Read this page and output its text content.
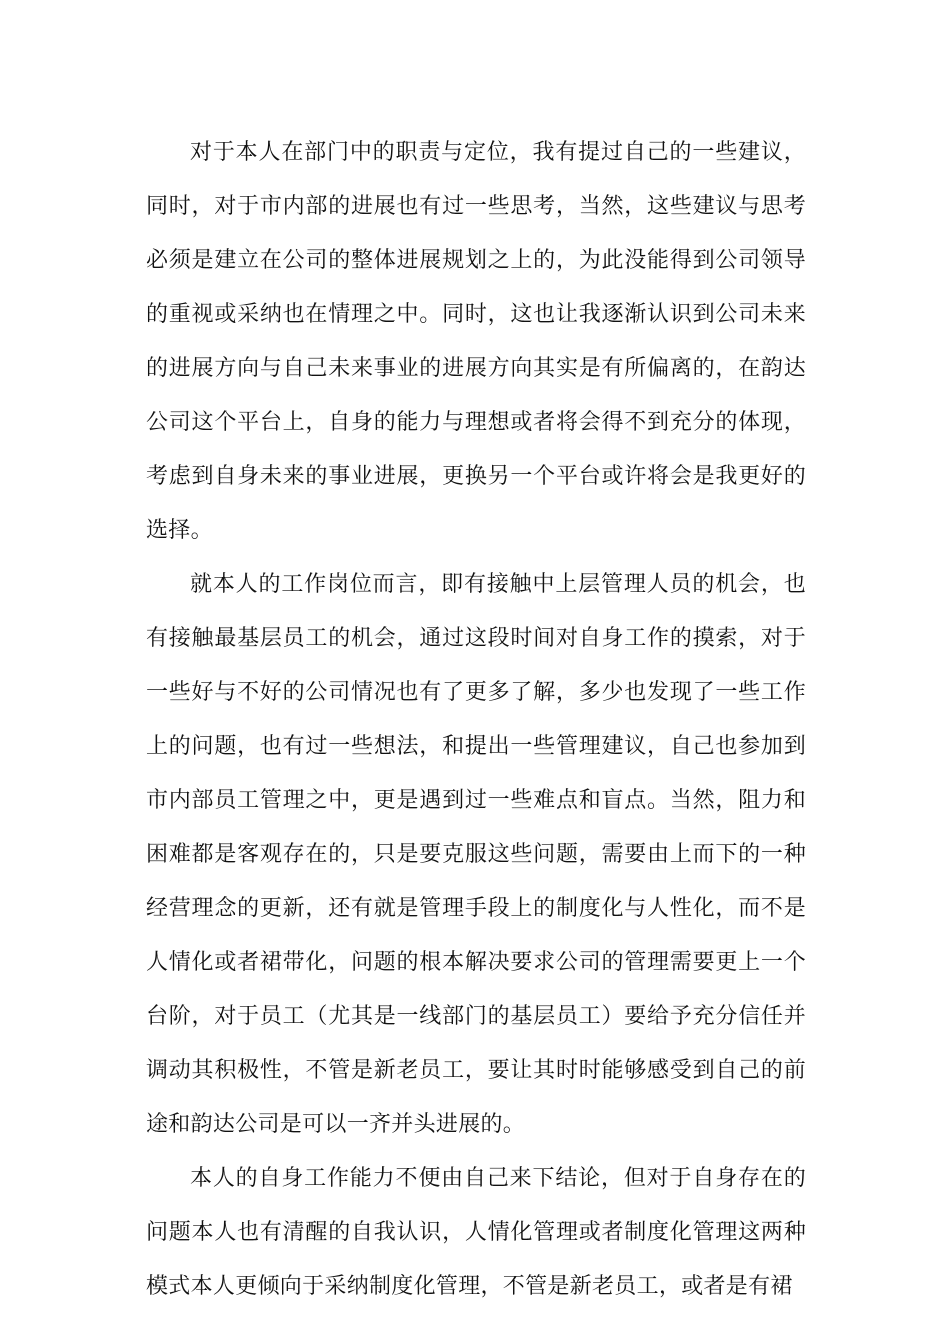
对于本人在部门中的职责与定位，我有提过自己的一些建议，同时，对于市内部的进展也有过一些思考，当然，这些建议与思考必须是建立在公司的整体进展规划之上的，为此没能得到公司领导的重视或采纳也在情理之中。同时，这也让我逐渐认识到公司未来的进展方向与自己未来事业的进展方向其实是有所偏离的，在韵达公司这个平台上，自身的能力与理想或者将会得不到充分的体现，考虑到自身未来的事业进展，更换另一个平台或许将会是我更好的选择。

就本人的工作岗位而言，即有接触中上层管理人员的机会，也有接触最基层员工的机会，通过这段时间对自身工作的摸索，对于一些好与不好的公司情况也有了更多了解，多少也发现了一些工作上的问题，也有过一些想法，和提出一些管理建议，自己也参加到市内部员工管理之中，更是遇到过一些难点和盲点。当然，阻力和困难都是客观存在的，只是要克服这些问题，需要由上而下的一种经营理念的更新，还有就是管理手段上的制度化与人性化，而不是人情化或者裙带化，问题的根本解决要求公司的管理需要更上一个台阶，对于员工（尤其是一线部门的基层员工）要给予充分信任并调动其积极性，不管是新老员工，要让其时时能够感受到自己的前途和韵达公司是可以一齐并头进展的。

本人的自身工作能力不便由自己来下结论，但对于自身存在的问题本人也有清醒的自我认识，人情化管理或者制度化管理这两种模式本人更倾向于采纳制度化管理，不管是新老员工，或者是有裙
